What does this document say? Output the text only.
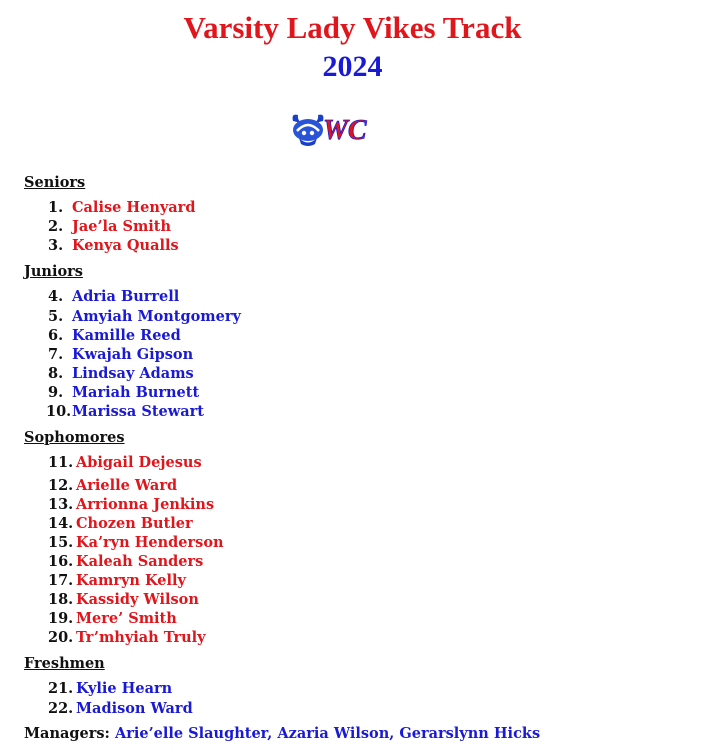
Varsity Lady Vikes Track
2024
WC
Seniors
1. Calise Henyard
2. Jae’la Smith
3. Kenya Qualls
Juniors
4. Adria Burrell
5. Amyiah Montgomery
6. Kamille Reed
7. Kwajah Gipson
8. Lindsay Adams
9. Mariah Burnett
10.Marissa Stewart
Sophomores
11. Abigail Dejesus
12. Arielle Ward
13. Arrionna Jenkins
14. Chozen Butler
15. Ka’ryn Henderson
16. Kaleah Sanders
17. Kamryn Kelly
18. Kassidy Wilson
19. Mere’ Smith
20. Tr’mhyiah Truly
Freshmen
21. Kylie Hearn
22. Madison Ward
Managers: Arie’elle Slaughter, Azaria Wilson, Gerarslynn Hicks
